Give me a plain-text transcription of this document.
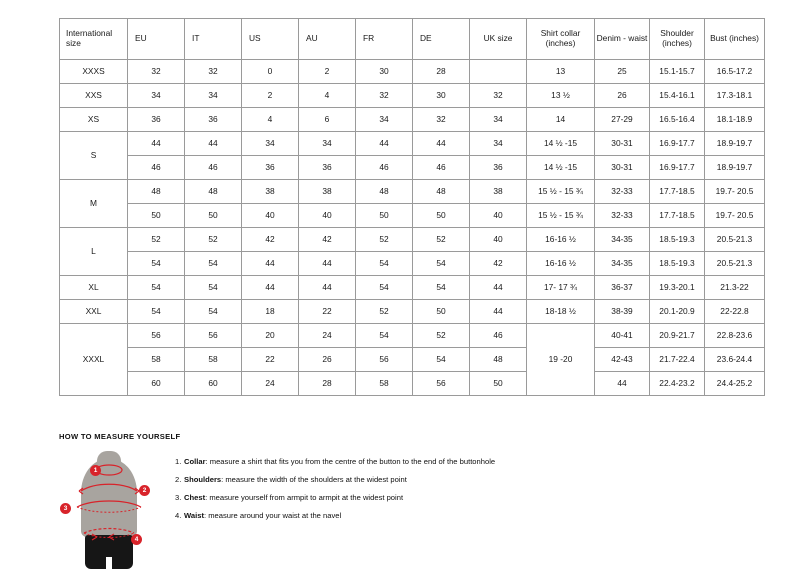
International size	EU	IT	US	AU	FR	DE	UK size	Shirt collar (inches)	Denim - waist	Shoulder (inches)	Bust (inches)
XXXS	32	32	0	2	30	28		13	25	15.1-15.7	16.5-17.2
XXS	34	34	2	4	32	30	32	13 ½	26	15.4-16.1	17.3-18.1
XS	36	36	4	6	34	32	34	14	27-29	16.5-16.4	18.1-18.9
S	44	44	34	34	44	44	34	14 ½ -15	30-31	16.9-17.7	18.9-19.7
	46	46	36	36	46	46	36	14 ½ -15	30-31	16.9-17.7	18.9-19.7
M	48	48	38	38	48	48	38	15 ½ - 15 ¾	32-33	17.7-18.5	19.7- 20.5
	50	50	40	40	50	50	40	15 ½ - 15 ¾	32-33	17.7-18.5	19.7- 20.5
L	52	52	42	42	52	52	40	16-16 ½	34-35	18.5-19.3	20.5-21.3
	54	54	44	44	54	54	42	16-16 ½	34-35	18.5-19.3	20.5-21.3
XL	54	54	44	44	54	54	44	17- 17 ¾	36-37	19.3-20.1	21.3-22
XXL	54	54	18	22	52	50	44	18-18 ½	38-39	20.1-20.9	22-22.8
XXXL	56	56	20	24	54	52	46	19 -20	40-41	20.9-21.7	22.8-23.6
	58	58	22	26	56	54	48		42-43	21.7-22.4	23.6-24.4
	60	60	24	28	58	56	50		44	22.4-23.2	24.4-25.2
HOW TO MEASURE YOURSELF
1
2
3
4
1. Collar: measure a shirt that fits you from the centre of the button to the end of the buttonhole
2. Shoulders: measure the width of the shoulders at the widest point
3. Chest: measure yourself from armpit to armpit at the widest point
4. Waist: measure around your waist at the navel
